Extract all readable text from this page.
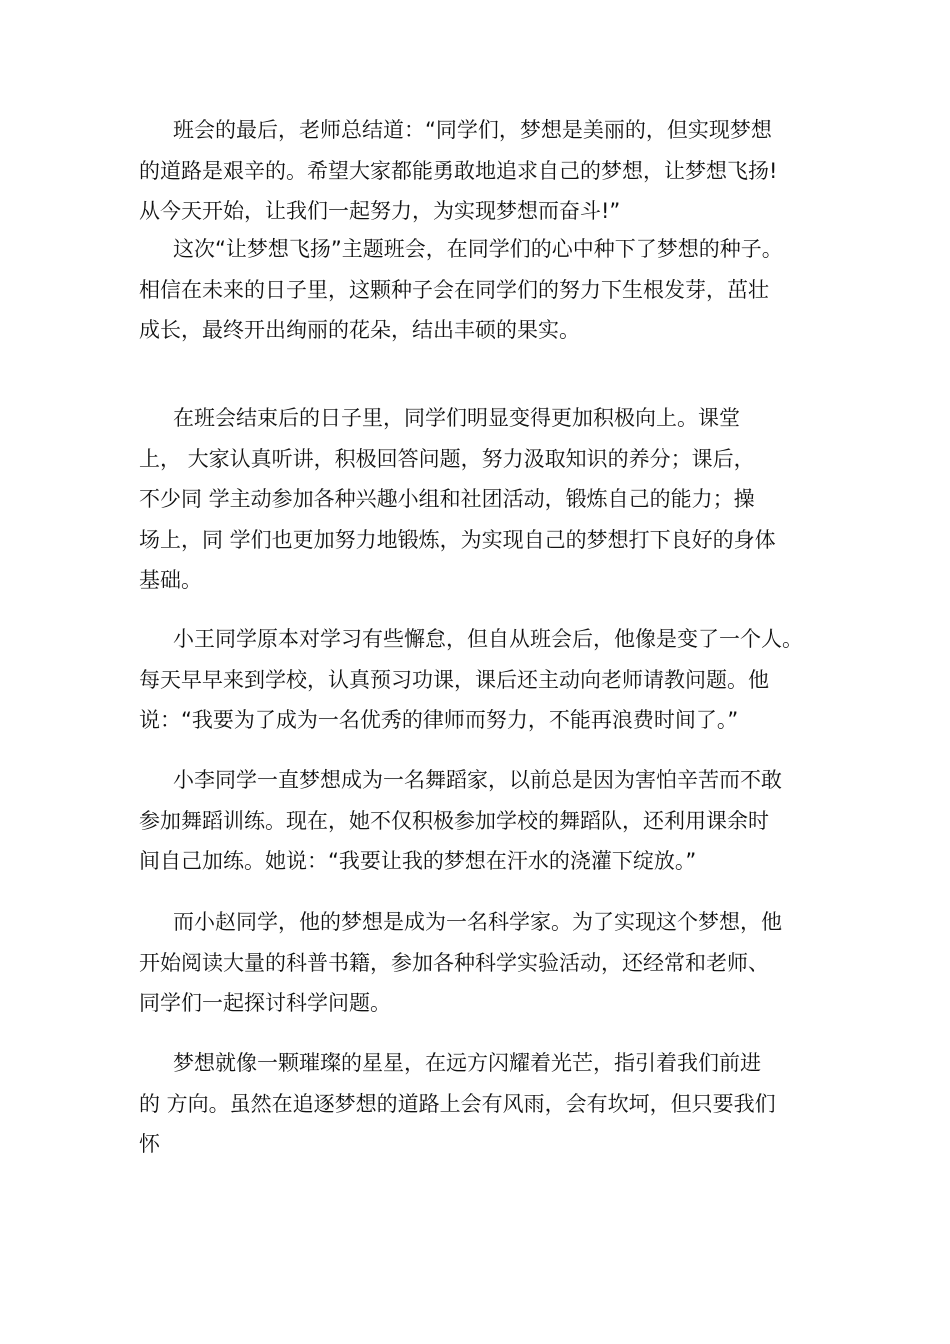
班会的最后，老师总结道：“同学们，梦想是美丽的，但实现梦想
的道路是艰辛的。希望大家都能勇敢地追求自己的梦想，让梦想飞扬!
从今天开始，让我们一起努力，为实现梦想而奋斗!”
这次“让梦想飞扬”主题班会，在同学们的心中种下了梦想的种子。
相信在未来的日子里，这颗种子会在同学们的努力下生根发芽，茁壮
成长，最终开出绚丽的花朵，结出丰硕的果实。
在班会结束后的日子里，同学们明显变得更加积极向上。课堂
上， 大家认真听讲，积极回答问题，努力汲取知识的养分；课后，
不少同 学主动参加各种兴趣小组和社团活动，锻炼自己的能力；操
场上，同 学们也更加努力地锻炼，为实现自己的梦想打下良好的身体
基础。
小王同学原本对学习有些懈怠，但自从班会后，他像是变了一个人。
每天早早来到学校，认真预习功课，课后还主动向老师请教问题。他
说：“我要为了成为一名优秀的律师而努力，不能再浪费时间了。”
小李同学一直梦想成为一名舞蹈家，以前总是因为害怕辛苦而不敢
参加舞蹈训练。现在，她不仅积极参加学校的舞蹈队，还利用课余时
间自己加练。她说：“我要让我的梦想在汗水的浇灌下绽放。”
而小赵同学，他的梦想是成为一名科学家。为了实现这个梦想，他
开始阅读大量的科普书籍，参加各种科学实验活动，还经常和老师、
同学们一起探讨科学问题。
梦想就像一颗璀璨的星星，在远方闪耀着光芒，指引着我们前进
的 方向。虽然在追逐梦想的道路上会有风雨，会有坎坷，但只要我们
怀
